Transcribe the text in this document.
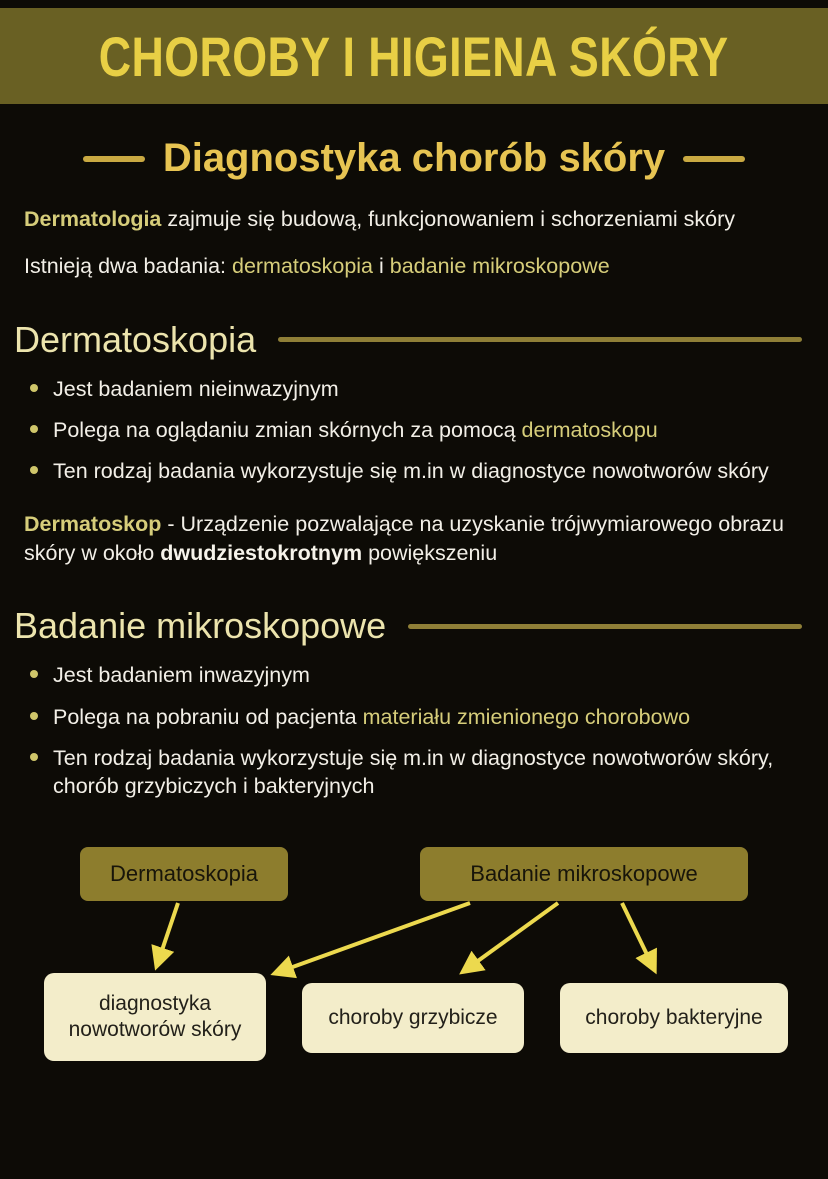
CHOROBY I HIGIENA SKÓRY
Diagnostyka chorób skóry

Dermatologia zajmuje się budową, funkcjonowaniem i schorzeniami skóry

Istnieją dwa badania: dermatoskopia i badanie mikroskopowe

Dermatoskopia
Jest badaniem nieinwazyjnym
Polega na oglądaniu zmian skórnych za pomocą dermatoskopu
Ten rodzaj badania wykorzystuje się m.in w diagnostyce nowotworów skóry

Dermatoskop - Urządzenie pozwalające na uzyskanie trójwymiarowego obrazu skóry w około dwudziestokrotnym powiększeniu

Badanie mikroskopowe
Jest badaniem inwazyjnym
Polega na pobraniu od pacjenta materiału zmienionego chorobowo
Ten rodzaj badania wykorzystuje się m.in w diagnostyce nowotworów skóry, chorób grzybiczych i bakteryjnych
Dermatoskopia	Badanie mikroskopowe
diagnostyka nowotworów skóry
choroby grzybicze	choroby bakteryjne
